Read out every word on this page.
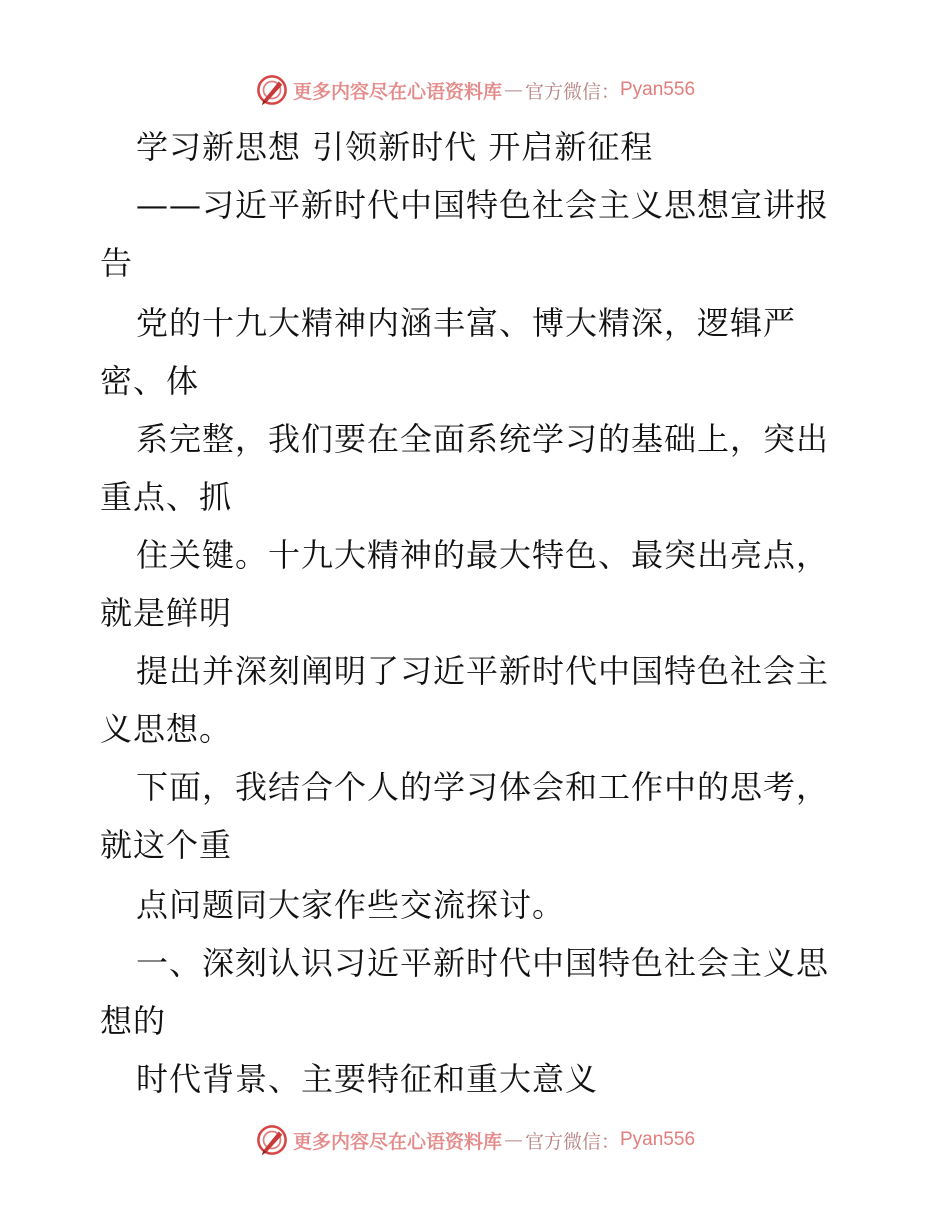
更多内容尽在心语资料库 — 官方微信： Pyan556
学习新思想 引领新时代 开启新征程
——习近平新时代中国特色社会主义思想宣讲报
告
党的十九大精神内涵丰富、博大精深，逻辑严
密、体
系完整，我们要在全面系统学习的基础上，突出
重点、抓
住关键。十九大精神的最大特色、最突出亮点，
就是鲜明
提出并深刻阐明了习近平新时代中国特色社会主
义思想。
下面，我结合个人的学习体会和工作中的思考，
就这个重
点问题同大家作些交流探讨。
一、深刻认识习近平新时代中国特色社会主义思
想的
时代背景、主要特征和重大意义
更多内容尽在心语资料库 — 官方微信： Pyan556
